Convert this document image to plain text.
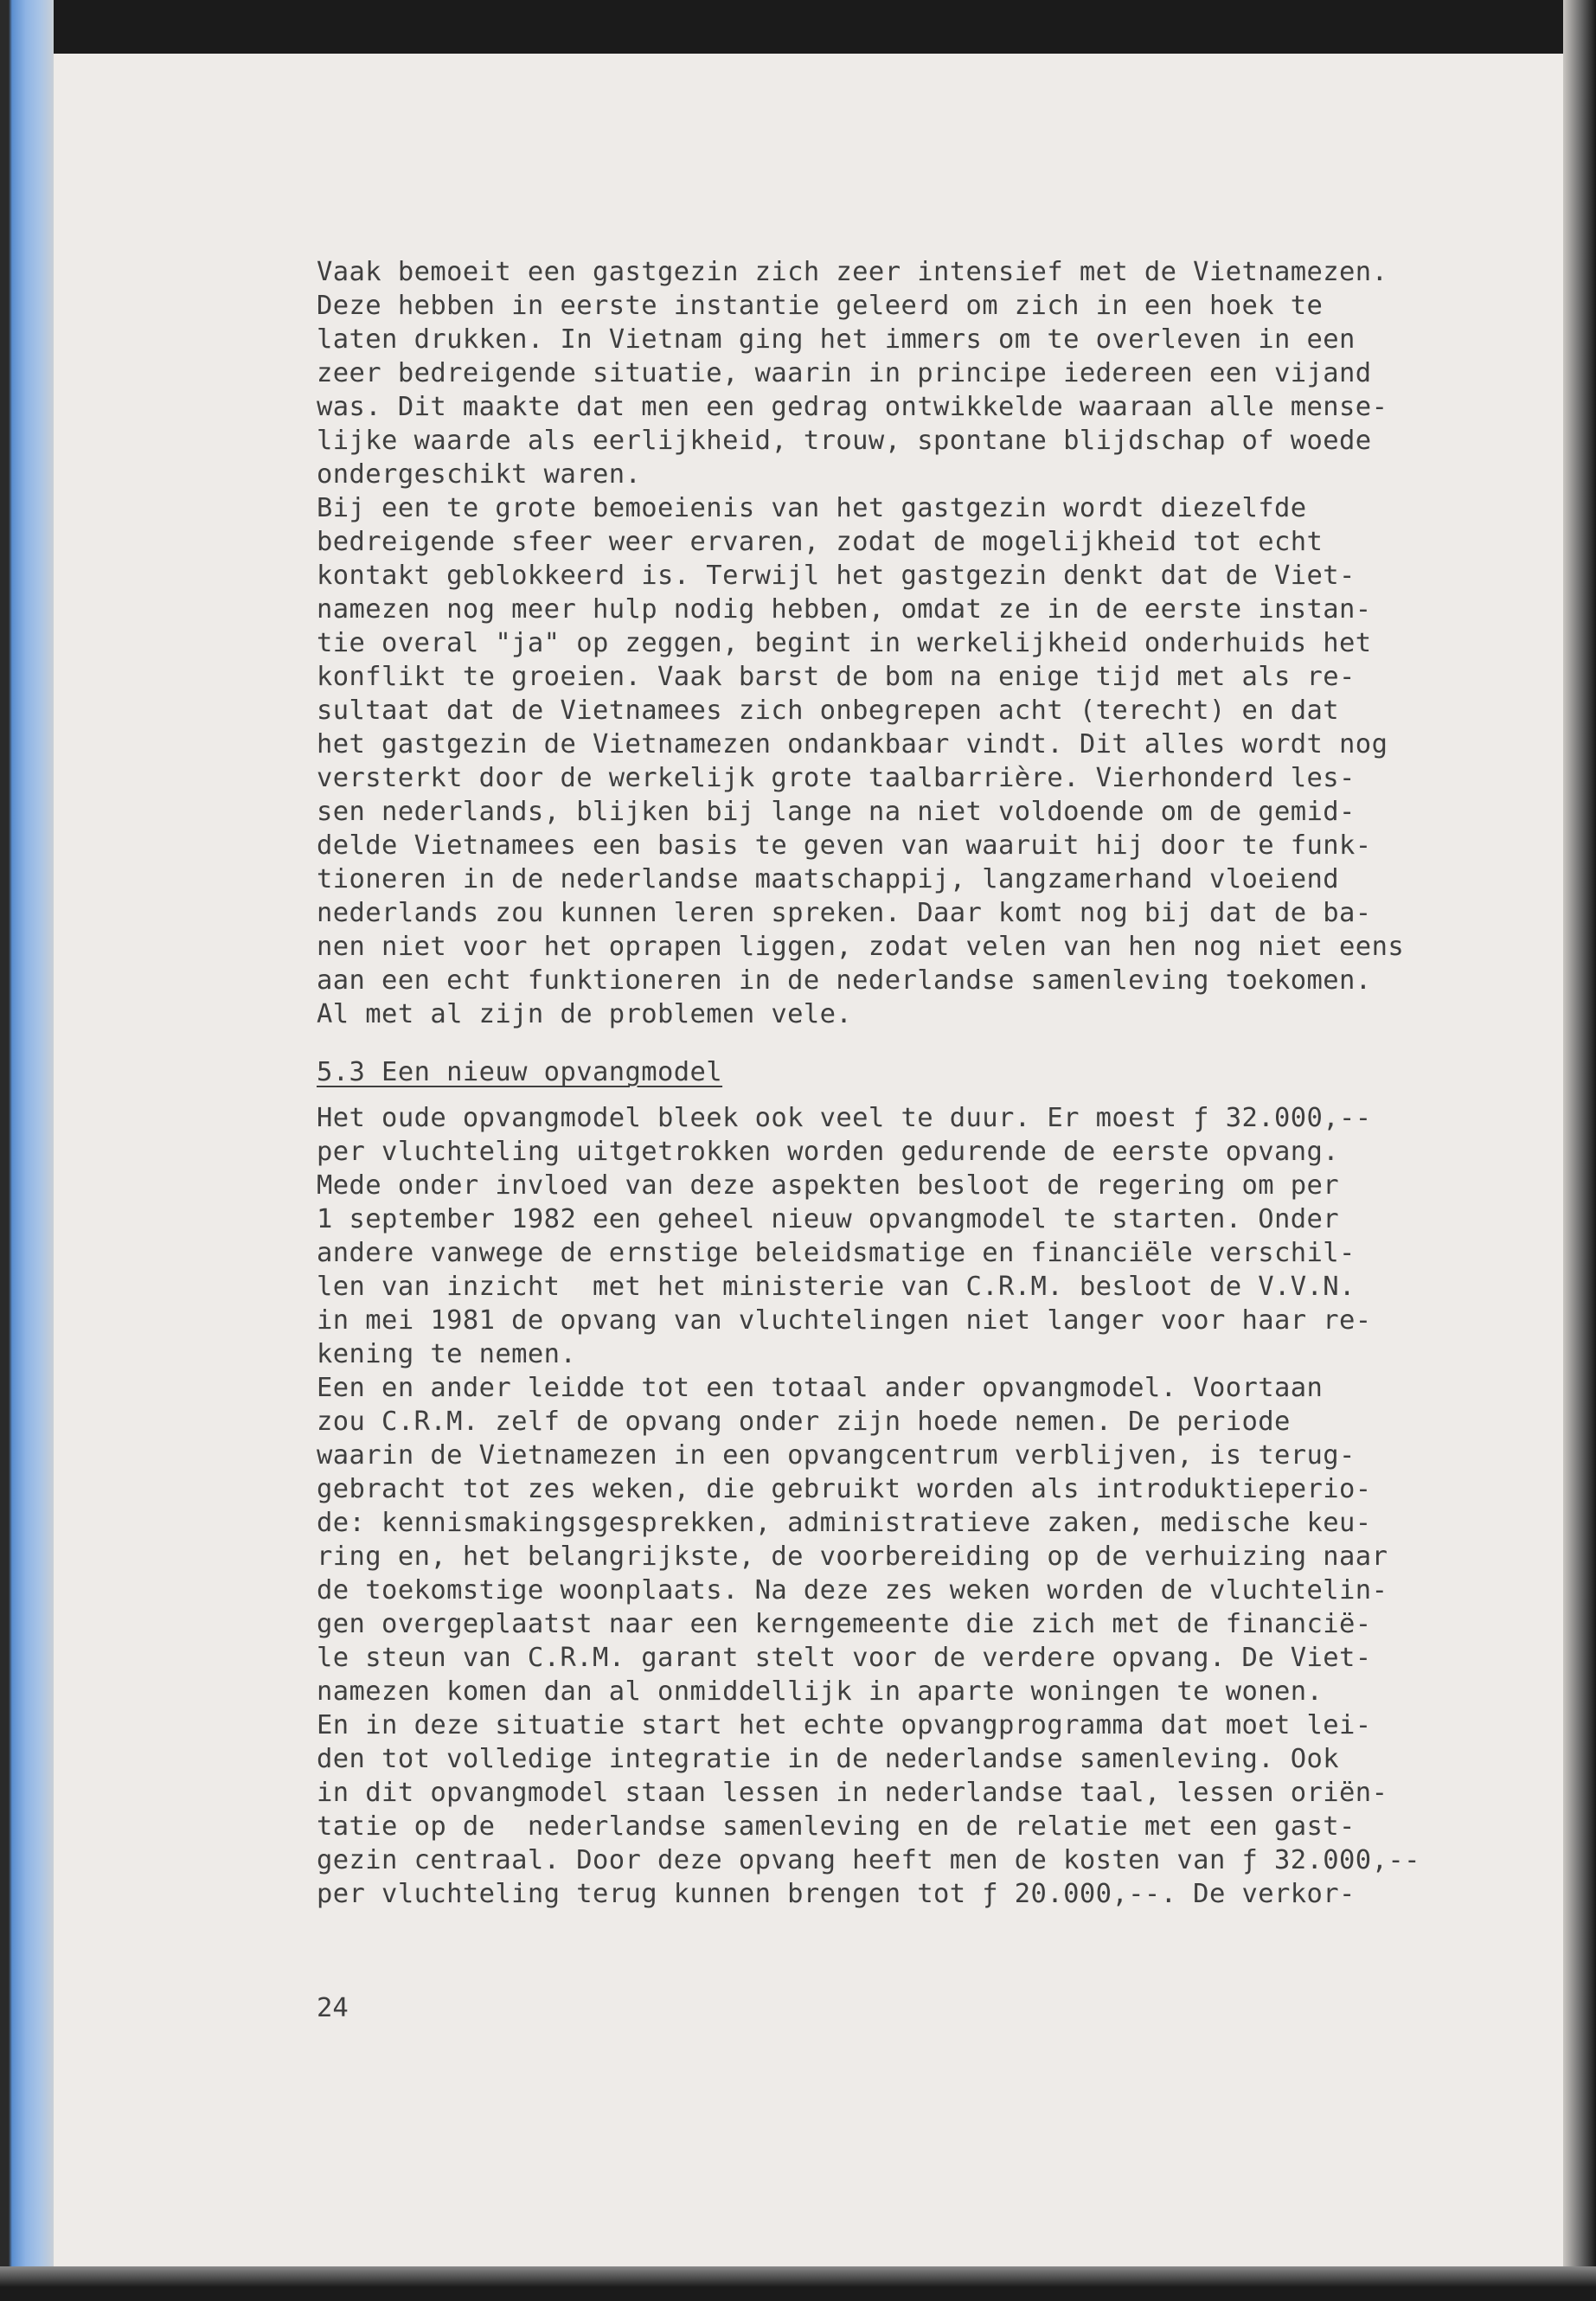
Vaak bemoeit een gastgezin zich zeer intensief met de Vietnamezen.
Deze hebben in eerste instantie geleerd om zich in een hoek te
laten drukken. In Vietnam ging het immers om te overleven in een
zeer bedreigende situatie, waarin in principe iedereen een vijand
was. Dit maakte dat men een gedrag ontwikkelde waaraan alle mense-
lijke waarde als eerlijkheid, trouw, spontane blijdschap of woede
ondergeschikt waren.
Bij een te grote bemoeienis van het gastgezin wordt diezelfde
bedreigende sfeer weer ervaren, zodat de mogelijkheid tot echt
kontakt geblokkeerd is. Terwijl het gastgezin denkt dat de Viet-
namezen nog meer hulp nodig hebben, omdat ze in de eerste instan-
tie overal "ja" op zeggen, begint in werkelijkheid onderhuids het
konflikt te groeien. Vaak barst de bom na enige tijd met als re-
sultaat dat de Vietnamees zich onbegrepen acht (terecht) en dat
het gastgezin de Vietnamezen ondankbaar vindt. Dit alles wordt nog
versterkt door de werkelijk grote taalbarrière. Vierhonderd les-
sen nederlands, blijken bij lange na niet voldoende om de gemid-
delde Vietnamees een basis te geven van waaruit hij door te funk-
tioneren in de nederlandse maatschappij, langzamerhand vloeiend
nederlands zou kunnen leren spreken. Daar komt nog bij dat de ba-
nen niet voor het oprapen liggen, zodat velen van hen nog niet eens
aan een echt funktioneren in de nederlandse samenleving toekomen.
Al met al zijn de problemen vele.
5.3 Een nieuw opvangmodel
Het oude opvangmodel bleek ook veel te duur. Er moest ƒ 32.000,--
per vluchteling uitgetrokken worden gedurende de eerste opvang.
Mede onder invloed van deze aspekten besloot de regering om per
1 september 1982 een geheel nieuw opvangmodel te starten. Onder
andere vanwege de ernstige beleidsmatige en financiële verschil-
len van inzicht  met het ministerie van C.R.M. besloot de V.V.N.
in mei 1981 de opvang van vluchtelingen niet langer voor haar re-
kening te nemen.
Een en ander leidde tot een totaal ander opvangmodel. Voortaan
zou C.R.M. zelf de opvang onder zijn hoede nemen. De periode
waarin de Vietnamezen in een opvangcentrum verblijven, is terug-
gebracht tot zes weken, die gebruikt worden als introduktieperio-
de: kennismakingsgesprekken, administratieve zaken, medische keu-
ring en, het belangrijkste, de voorbereiding op de verhuizing naar
de toekomstige woonplaats. Na deze zes weken worden de vluchtelin-
gen overgeplaatst naar een kerngemeente die zich met de financië-
le steun van C.R.M. garant stelt voor de verdere opvang. De Viet-
namezen komen dan al onmiddellijk in aparte woningen te wonen.
En in deze situatie start het echte opvangprogramma dat moet lei-
den tot volledige integratie in de nederlandse samenleving. Ook
in dit opvangmodel staan lessen in nederlandse taal, lessen oriën-
tatie op de  nederlandse samenleving en de relatie met een gast-
gezin centraal. Door deze opvang heeft men de kosten van ƒ 32.000,--
per vluchteling terug kunnen brengen tot ƒ 20.000,--. De verkor-
24
